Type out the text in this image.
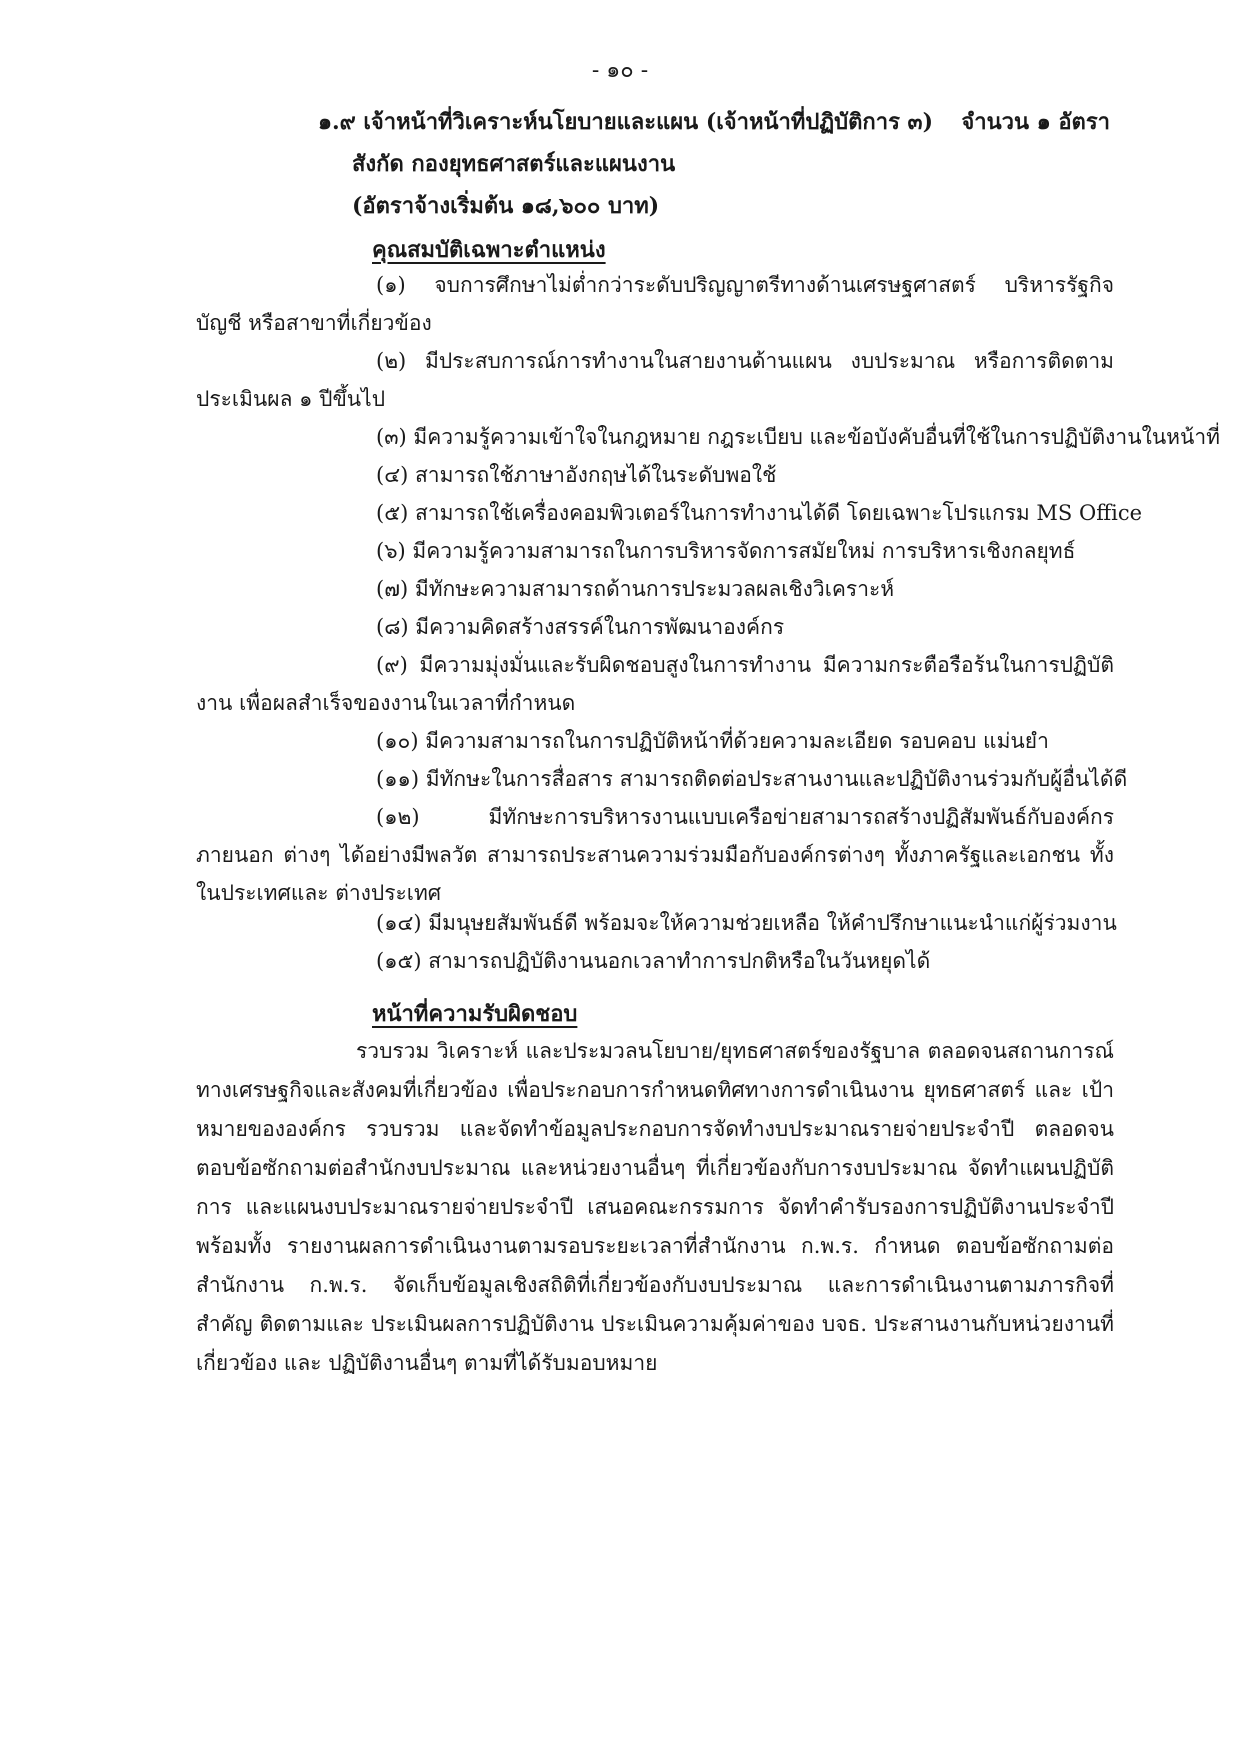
- ๑๐ -
๑.๙ เจ้าหน้าที่วิเคราะห์นโยบายและแผน (เจ้าหน้าที่ปฏิบัติการ ๓) จำนวน ๑ อัตรา
สังกัด กองยุทธศาสตร์และแผนงาน
(อัตราจ้างเริ่มต้น ๑๘,๖๐๐ บาท)
คุณสมบัติเฉพาะตำแหน่ง
(๑) จบการศึกษาไม่ต่ำกว่าระดับปริญญาตรีทางด้านเศรษฐศาสตร์ บริหารรัฐกิจ บัญชี หรือสาขาที่เกี่ยวข้อง
(๒) มีประสบการณ์การทำงานในสายงานด้านแผน งบประมาณ หรือการติดตาม ประเมินผล ๑ ปีขึ้นไป
(๓) มีความรู้ความเข้าใจในกฎหมาย กฎระเบียบ และข้อบังคับอื่นที่ใช้ในการปฏิบัติงานในหน้าที่
(๔) สามารถใช้ภาษาอังกฤษได้ในระดับพอใช้
(๕) สามารถใช้เครื่องคอมพิวเตอร์ในการทำงานได้ดี โดยเฉพาะโปรแกรม MS Office
(๖) มีความรู้ความสามารถในการบริหารจัดการสมัยใหม่ การบริหารเชิงกลยุทธ์
(๗) มีทักษะความสามารถด้านการประมวลผลเชิงวิเคราะห์
(๘) มีความคิดสร้างสรรค์ในการพัฒนาองค์กร
(๙) มีความมุ่งมั่นและรับผิดชอบสูงในการทำงาน มีความกระตือรือร้นในการปฏิบัติงาน เพื่อผลสำเร็จของงานในเวลาที่กำหนด
(๑๐) มีความสามารถในการปฏิบัติหน้าที่ด้วยความละเอียด รอบคอบ แม่นยำ
(๑๑) มีทักษะในการสื่อสาร สามารถติดต่อประสานงานและปฏิบัติงานร่วมกับผู้อื่นได้ดี
(๑๒) มีทักษะการบริหารงานแบบเครือข่ายสามารถสร้างปฏิสัมพันธ์กับองค์กรภายนอก ต่างๆ ได้อย่างมีพลวัต สามารถประสานความร่วมมือกับองค์กรต่างๆ ทั้งภาครัฐและเอกชน ทั้งในประเทศและ ต่างประเทศ
(๑๔) มีมนุษยสัมพันธ์ดี พร้อมจะให้ความช่วยเหลือ ให้คำปรึกษาแนะนำแก่ผู้ร่วมงาน
(๑๕) สามารถปฏิบัติงานนอกเวลาทำการปกติหรือในวันหยุดได้
หน้าที่ความรับผิดชอบ
รวบรวม วิเคราะห์ และประมวลนโยบาย/ยุทธศาสตร์ของรัฐบาล ตลอดจนสถานการณ์ ทางเศรษฐกิจและสังคมที่เกี่ยวข้อง เพื่อประกอบการกำหนดทิศทางการดำเนินงาน ยุทธศาสตร์ และ เป้าหมายขององค์กร รวบรวม และจัดทำข้อมูลประกอบการจัดทำงบประมาณรายจ่ายประจำปี ตลอดจน ตอบข้อซักถามต่อสำนักงบประมาณ และหน่วยงานอื่นๆ ที่เกี่ยวข้องกับการงบประมาณ จัดทำแผนปฏิบัติการ และแผนงบประมาณรายจ่ายประจำปี เสนอคณะกรรมการ จัดทำคำรับรองการปฏิบัติงานประจำปี พร้อมทั้ง รายงานผลการดำเนินงานตามรอบระยะเวลาที่สำนักงาน ก.พ.ร. กำหนด ตอบข้อซักถามต่อสำนักงาน ก.พ.ร. จัดเก็บข้อมูลเชิงสถิติที่เกี่ยวข้องกับงบประมาณ และการดำเนินงานตามภารกิจที่สำคัญ ติดตามและ ประเมินผลการปฏิบัติงาน ประเมินความคุ้มค่าของ บจธ. ประสานงานกับหน่วยงานที่เกี่ยวข้อง และ ปฏิบัติงานอื่นๆ ตามที่ได้รับมอบหมาย
